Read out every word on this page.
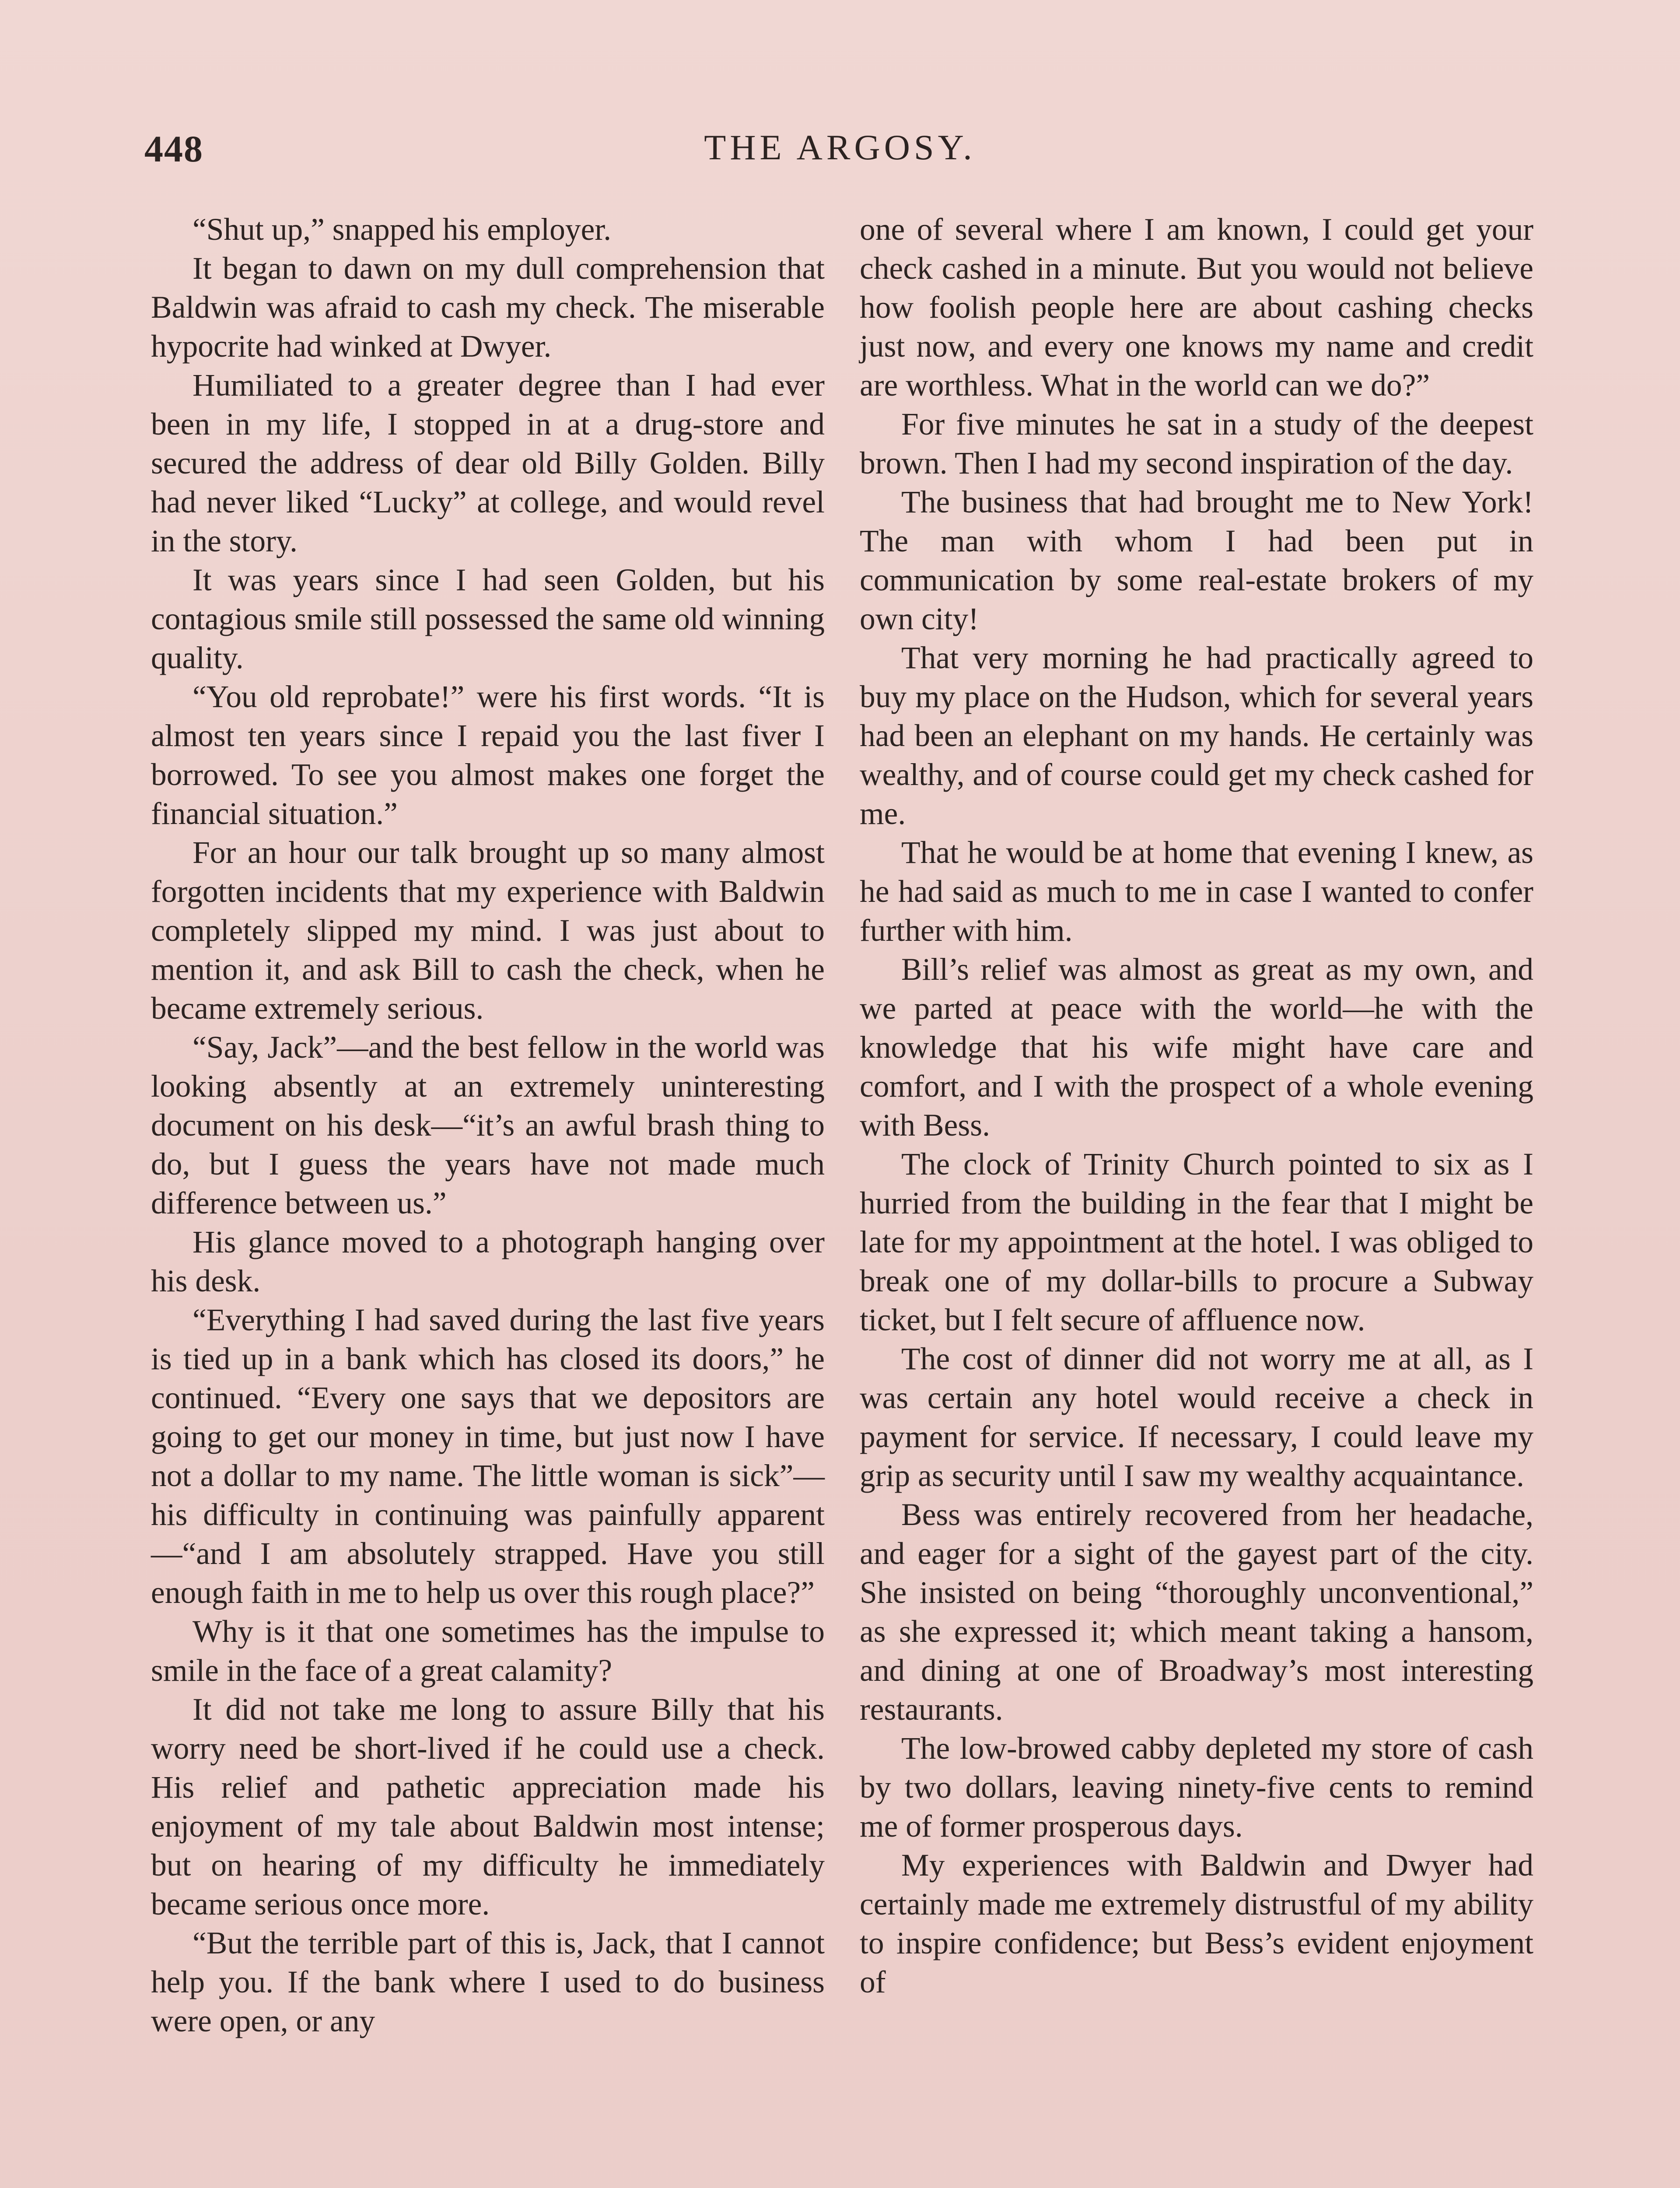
448	THE ARGOSY.

“Shut up,” snapped his employer.

It began to dawn on my dull comprehension that Baldwin was afraid to cash my check. The miserable hypocrite had winked at Dwyer.

Humiliated to a greater degree than I had ever been in my life, I stopped in at a drug-store and secured the address of dear old Billy Golden. Billy had never liked “Lucky” at college, and would revel in the story.

It was years since I had seen Golden, but his contagious smile still possessed the same old winning quality.

“You old reprobate!” were his first words. “It is almost ten years since I repaid you the last fiver I borrowed. To see you almost makes one forget the financial situation.”

For an hour our talk brought up so many almost forgotten incidents that my experience with Baldwin completely slipped my mind. I was just about to mention it, and ask Bill to cash the check, when he became extremely serious.

“Say, Jack”—and the best fellow in the world was looking absently at an extremely uninteresting document on his desk—“it’s an awful brash thing to do, but I guess the years have not made much difference between us.”

His glance moved to a photograph hanging over his desk.

“Everything I had saved during the last five years is tied up in a bank which has closed its doors,” he continued. “Every one says that we depositors are going to get our money in time, but just now I have not a dollar to my name. The little woman is sick”—his difficulty in continuing was painfully apparent—“and I am absolutely strapped. Have you still enough faith in me to help us over this rough place?”

Why is it that one sometimes has the impulse to smile in the face of a great calamity?

It did not take me long to assure Billy that his worry need be short-lived if he could use a check. His relief and pathetic appreciation made his enjoyment of my tale about Baldwin most intense; but on hearing of my difficulty he immediately became serious once more.

“But the terrible part of this is, Jack, that I cannot help you. If the bank where I used to do business were open, or any

one of several where I am known, I could get your check cashed in a minute. But you would not believe how foolish people here are about cashing checks just now, and every one knows my name and credit are worthless. What in the world can we do?”

For five minutes he sat in a study of the deepest brown. Then I had my second inspiration of the day.

The business that had brought me to New York! The man with whom I had been put in communication by some real-estate brokers of my own city!

That very morning he had practically agreed to buy my place on the Hudson, which for several years had been an elephant on my hands. He certainly was wealthy, and of course could get my check cashed for me.

That he would be at home that evening I knew, as he had said as much to me in case I wanted to confer further with him.

Bill’s relief was almost as great as my own, and we parted at peace with the world—he with the knowledge that his wife might have care and comfort, and I with the prospect of a whole evening with Bess.

The clock of Trinity Church pointed to six as I hurried from the building in the fear that I might be late for my appointment at the hotel. I was obliged to break one of my dollar-bills to procure a Subway ticket, but I felt secure of affluence now.

The cost of dinner did not worry me at all, as I was certain any hotel would receive a check in payment for service. If necessary, I could leave my grip as security until I saw my wealthy acquaintance.

Bess was entirely recovered from her headache, and eager for a sight of the gayest part of the city. She insisted on being “thoroughly unconventional,” as she expressed it; which meant taking a hansom, and dining at one of Broadway’s most interesting restaurants.

The low-browed cabby depleted my store of cash by two dollars, leaving ninety-five cents to remind me of former prosperous days.

My experiences with Baldwin and Dwyer had certainly made me extremely distrustful of my ability to inspire confidence; but Bess’s evident enjoyment of
